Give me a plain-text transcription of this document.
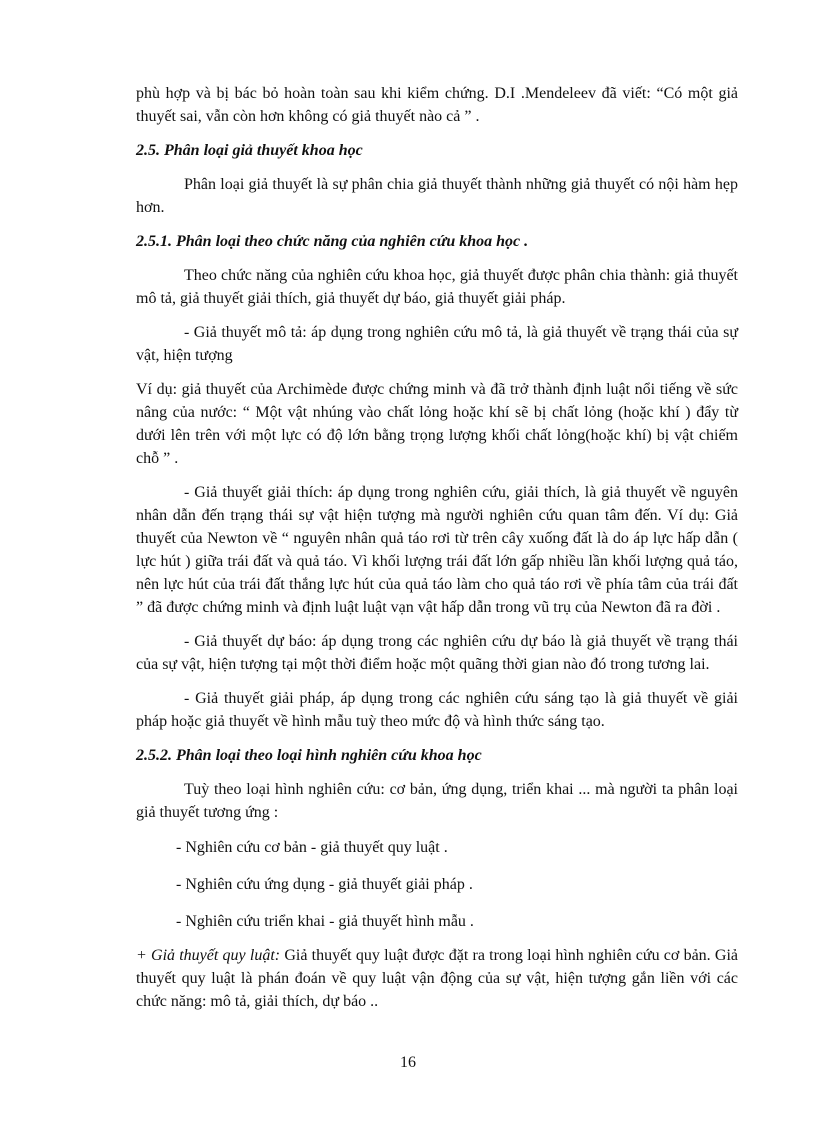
phù hợp và bị bác bỏ hoàn toàn sau khi kiểm chứng. D.I .Mendeleev đã viết: “Có một giả thuyết sai, vẫn còn hơn không có giả thuyết nào cả ” .

2.5. Phân loại giả thuyết khoa học

Phân loại giả thuyết là sự phân chia giả thuyết thành những giả thuyết có nội hàm hẹp hơn.

2.5.1. Phân loại theo chức năng của nghiên cứu khoa học .

Theo chức năng của nghiên cứu khoa học, giả thuyết được phân chia thành: giả thuyết mô tả, giả thuyết giải thích, giả thuyết dự báo, giả thuyết giải pháp.

- Giả thuyết mô tả: áp dụng trong nghiên cứu mô tả, là giả thuyết về trạng thái của sự vật, hiện tượng

Ví dụ: giả thuyết của Archimède được chứng minh và đã trở thành định luật nổi tiếng về sức nâng của nước: “ Một vật nhúng vào chất lỏng hoặc khí sẽ bị chất lỏng (hoặc khí ) đẩy từ dưới lên trên với một lực có độ lớn bằng trọng lượng khối chất lỏng(hoặc khí) bị vật chiếm chỗ ” .

- Giả thuyết giải thích: áp dụng trong nghiên cứu, giải thích, là giả thuyết về nguyên nhân dẫn đến trạng thái sự vật hiện tượng mà người nghiên cứu quan tâm đến. Ví dụ: Giả thuyết của Newton về “ nguyên nhân quả táo rơi từ trên cây xuống đất là do áp lực hấp dẫn ( lực hút ) giữa trái đất và quả táo. Vì khối lượng trái đất lớn gấp nhiều lần khối lượng quả táo, nên lực hút của trái đất thắng lực hút của quả táo làm cho quả táo rơi về phía tâm của trái đất ” đã được chứng minh và định luật luật vạn vật hấp dẫn trong vũ trụ của Newton đã ra đời .

- Giả thuyết dự báo: áp dụng trong các nghiên cứu dự báo là giả thuyết về trạng thái của sự vật, hiện tượng tại một thời điểm hoặc một quãng thời gian nào đó trong tương lai.

- Giả thuyết giải pháp, áp dụng trong các nghiên cứu sáng tạo là giả thuyết về giải pháp hoặc giả thuyết về hình mẫu tuỳ theo mức độ và hình thức sáng tạo.

2.5.2. Phân loại theo loại hình nghiên cứu khoa học

Tuỳ theo loại hình nghiên cứu: cơ bản, ứng dụng, triển khai ... mà người ta phân loại giả thuyết tương ứng :

- Nghiên cứu cơ bản - giả thuyết quy luật .

- Nghiên cứu ứng dụng - giả thuyết giải pháp .

- Nghiên cứu triển khai - giả thuyết hình mẫu .

+ Giả thuyết quy luật: Giả thuyết quy luật được đặt ra trong loại hình nghiên cứu cơ bản. Giả thuyết quy luật là phán đoán về quy luật vận động của sự vật, hiện tượng gắn liền với các chức năng: mô tả, giải thích, dự báo ..

16
